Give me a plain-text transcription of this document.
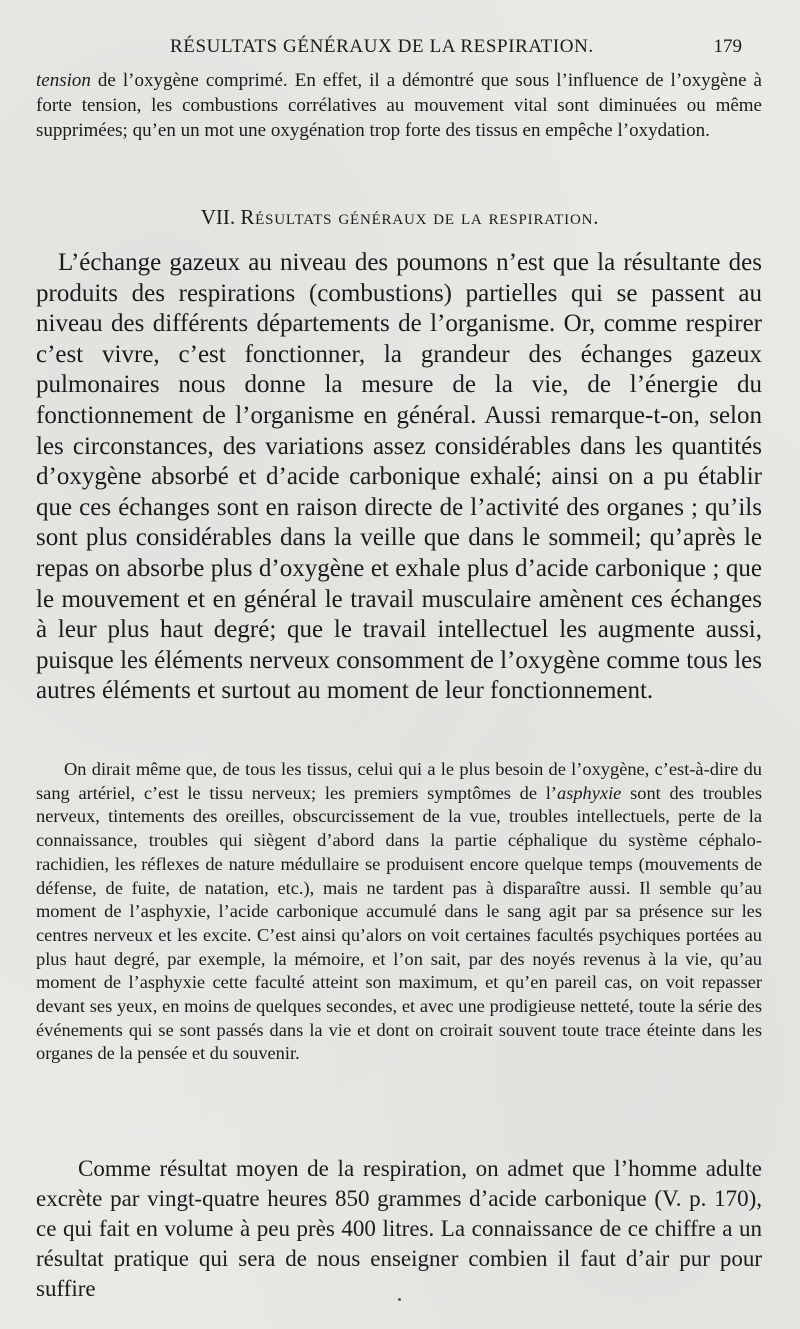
RÉSULTATS GÉNÉRAUX DE LA RESPIRATION.	179

tension de l’oxygène comprimé. En effet, il a démontré que sous l’influence de l’oxygène à forte tension, les combustions corrélatives au mouvement vital sont diminuées ou même supprimées; qu’en un mot une oxygénation trop forte des tissus en empêche l’oxydation.

VII. Résultats généraux de la respiration.

L’échange gazeux au niveau des poumons n’est que la résultante des produits des respirations (combustions) partielles qui se passent au niveau des différents départements de l’organisme. Or, comme respirer c’est vivre, c’est fonctionner, la grandeur des échanges gazeux pulmonaires nous donne la mesure de la vie, de l’énergie du fonctionnement de l’organisme en général. Aussi remarque-t-on, selon les circonstances, des variations assez considérables dans les quantités d’oxygène absorbé et d’acide carbonique exhalé; ainsi on a pu établir que ces échanges sont en raison directe de l’activité des organes ; qu’ils sont plus considérables dans la veille que dans le sommeil; qu’après le repas on absorbe plus d’oxygène et exhale plus d’acide carbonique ; que le mouvement et en général le travail musculaire amènent ces échanges à leur plus haut degré; que le travail intellectuel les augmente aussi, puisque les éléments nerveux consomment de l’oxygène comme tous les autres éléments et surtout au moment de leur fonctionnement.

On dirait même que, de tous les tissus, celui qui a le plus besoin de l’oxygène, c’est-à-dire du sang artériel, c’est le tissu nerveux; les premiers symptômes de l’asphyxie sont des troubles nerveux, tintements des oreilles, obscurcissement de la vue, troubles intellectuels, perte de la connaissance, troubles qui siègent d’abord dans la partie céphalique du système céphalo-rachidien, les réflexes de nature médullaire se produisent encore quelque temps (mouvements de défense, de fuite, de natation, etc.), mais ne tardent pas à disparaître aussi. Il semble qu’au moment de l’asphyxie, l’acide carbonique accumulé dans le sang agit par sa présence sur les centres nerveux et les excite. C’est ainsi qu’alors on voit certaines facultés psychiques portées au plus haut degré, par exemple, la mémoire, et l’on sait, par des noyés revenus à la vie, qu’au moment de l’asphyxie cette faculté atteint son maximum, et qu’en pareil cas, on voit repasser devant ses yeux, en moins de quelques secondes, et avec une prodigieuse netteté, toute la série des événements qui se sont passés dans la vie et dont on croirait souvent toute trace éteinte dans les organes de la pensée et du souvenir.

Comme résultat moyen de la respiration, on admet que l’homme adulte excrète par vingt-quatre heures 850 grammes d’acide carbonique (V. p. 170), ce qui fait en volume à peu près 400 litres. La connaissance de ce chiffre a un résultat pratique qui sera de nous enseigner combien il faut d’air pur pour suffire
